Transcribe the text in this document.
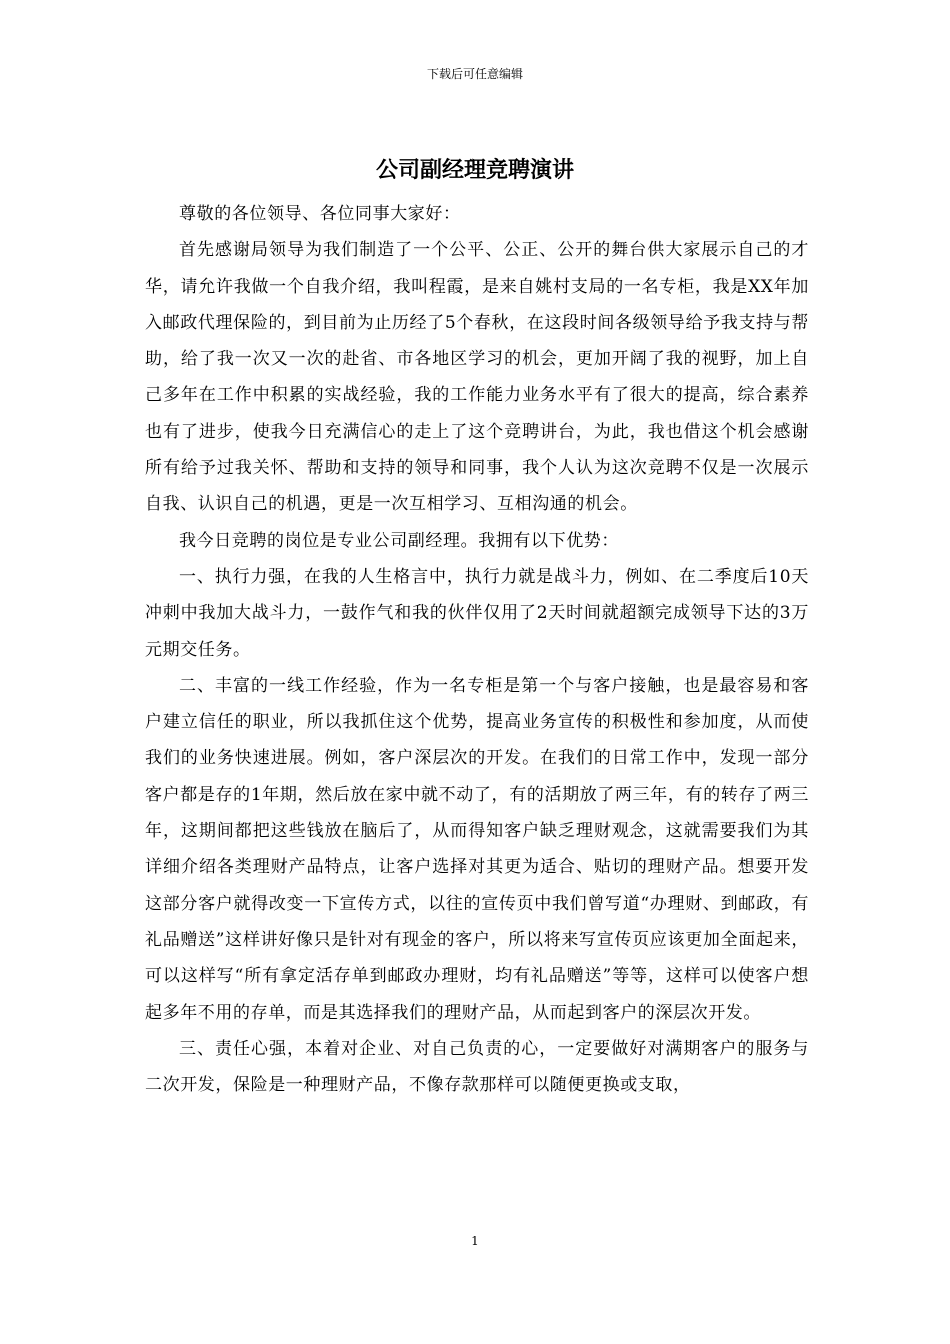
下载后可任意编辑
公司副经理竞聘演讲

尊敬的各位领导、各位同事大家好：

首先感谢局领导为我们制造了一个公平、公正、公开的舞台供大家展示自己的才华，请允许我做一个自我介绍，我叫程霞，是来自姚村支局的一名专柜，我是XX年加入邮政代理保险的，到目前为止历经了5个春秋，在这段时间各级领导给予我支持与帮助，给了我一次又一次的赴省、市各地区学习的机会，更加开阔了我的视野，加上自己多年在工作中积累的实战经验，我的工作能力业务水平有了很大的提高，综合素养也有了进步，使我今日充满信心的走上了这个竞聘讲台，为此，我也借这个机会感谢所有给予过我关怀、帮助和支持的领导和同事，我个人认为这次竞聘不仅是一次展示自我、认识自己的机遇，更是一次互相学习、互相沟通的机会。

我今日竞聘的岗位是专业公司副经理。我拥有以下优势：

一、执行力强，在我的人生格言中，执行力就是战斗力，例如、在二季度后10天冲刺中我加大战斗力，一鼓作气和我的伙伴仅用了2天时间就超额完成领导下达的3万元期交任务。

二、丰富的一线工作经验，作为一名专柜是第一个与客户接触，也是最容易和客户建立信任的职业，所以我抓住这个优势，提高业务宣传的积极性和参加度，从而使我们的业务快速进展。例如，客户深层次的开发。在我们的日常工作中，发现一部分客户都是存的1年期，然后放在家中就不动了，有的活期放了两三年，有的转存了两三年，这期间都把这些钱放在脑后了，从而得知客户缺乏理财观念，这就需要我们为其详细介绍各类理财产品特点，让客户选择对其更为适合、贴切的理财产品。想要开发这部分客户就得改变一下宣传方式，以往的宣传页中我们曾写道“办理财、到邮政，有礼品赠送”这样讲好像只是针对有现金的客户，所以将来写宣传页应该更加全面起来，可以这样写“所有拿定活存单到邮政办理财，均有礼品赠送”等等，这样可以使客户想起多年不用的存单，而是其选择我们的理财产品，从而起到客户的深层次开发。

三、责任心强，本着对企业、对自己负责的心，一定要做好对满期客户的服务与二次开发，保险是一种理财产品，不像存款那样可以随便更换或支取，

1
